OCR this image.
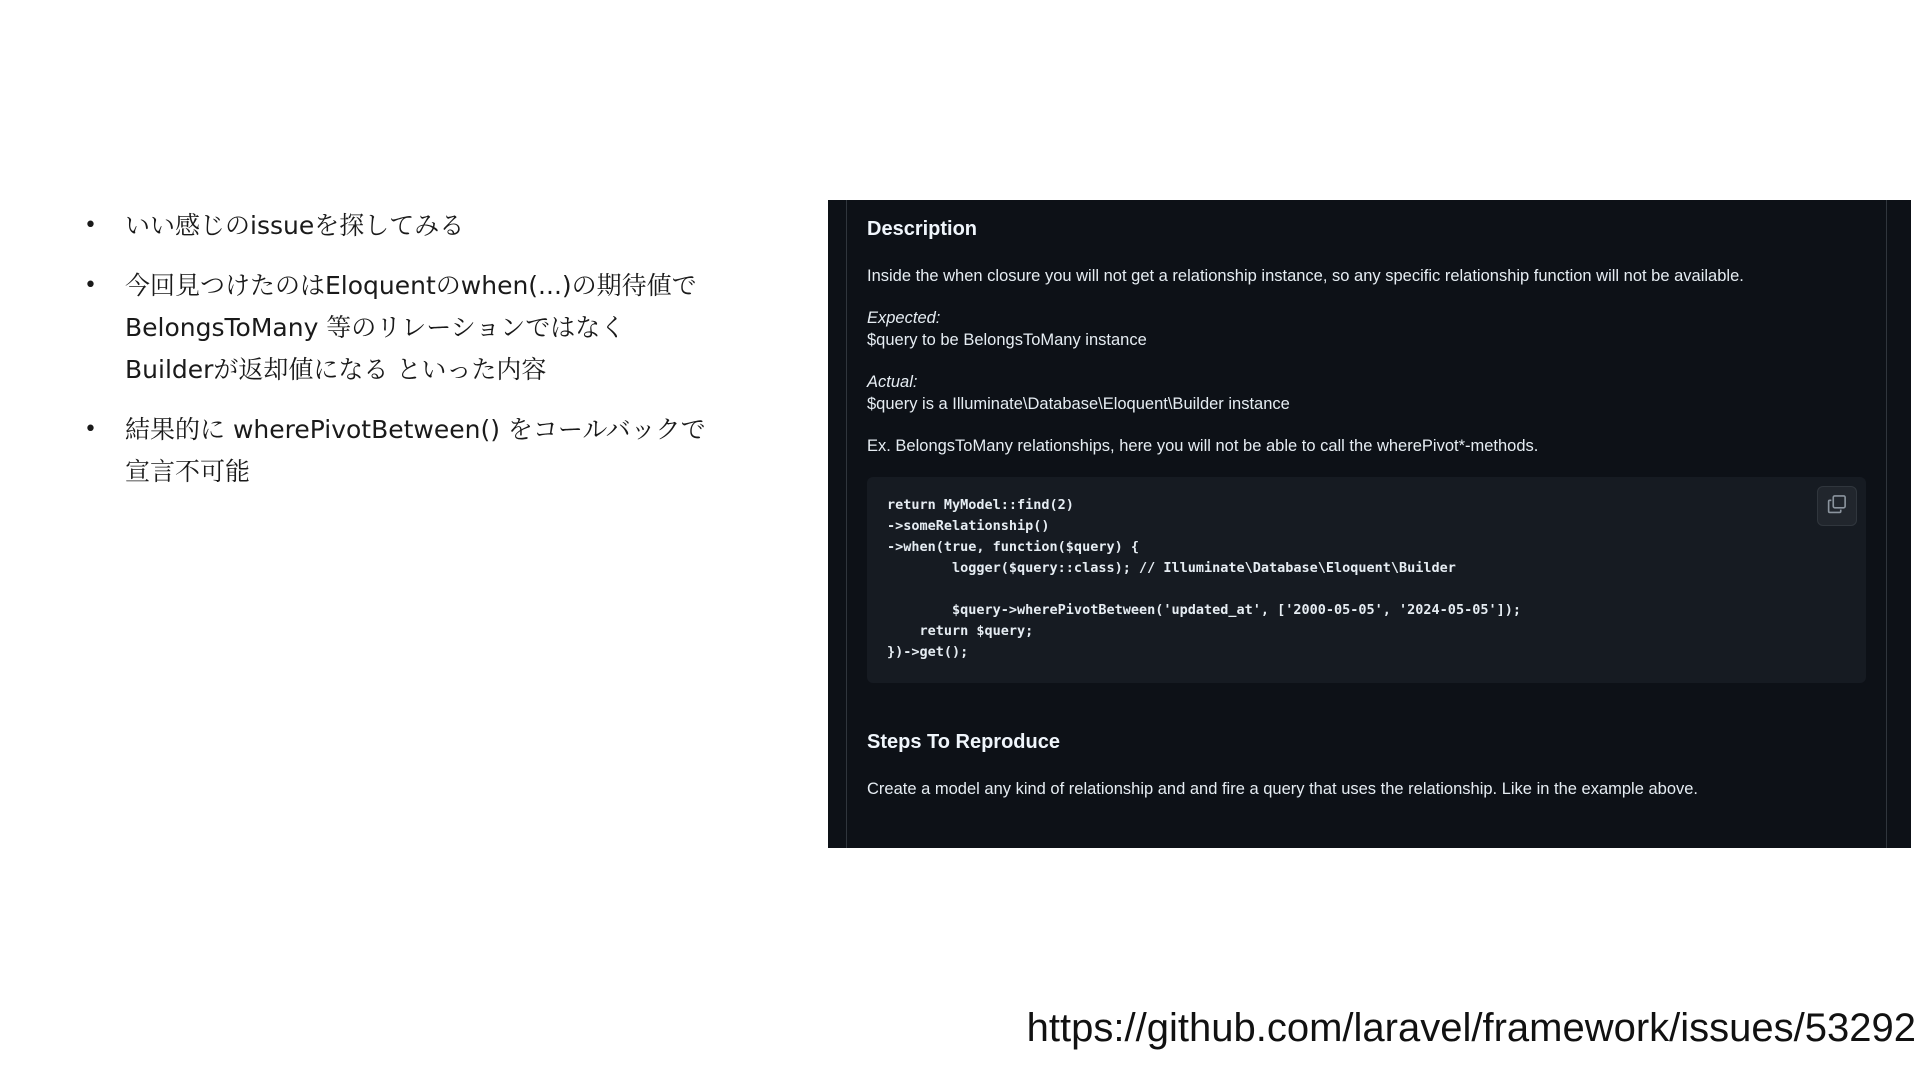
• いい感じのissueを探してみる
• 今回見つけたのはEloquentのwhen(...)の期待値で
BelongsToMany 等のリレーションではなく
Builderが返却値になる といった内容
• 結果的に wherePivotBetween() をコールバックで
宣言不可能
Description
Inside the when closure you will not get a relationship instance, so any specific relationship function will not be available.
Expected:
$query to be BelongsToMany instance
Actual:
$query is a Illuminate\Database\Eloquent\Builder instance
Ex. BelongsToMany relationships, here you will not be able to call the wherePivot*-methods.
return MyModel::find(2)
->someRelationship()
->when(true, function($query) {
logger($query::class); // Illuminate\Database\Eloquent\Builder

$query->wherePivotBetween('updated_at', ['2000-05-05', '2024-05-05']);
return $query;
})->get();
Steps To Reproduce
Create a model any kind of relationship and and fire a query that uses the relationship. Like in the example above.
https://github.com/laravel/framework/issues/53292
